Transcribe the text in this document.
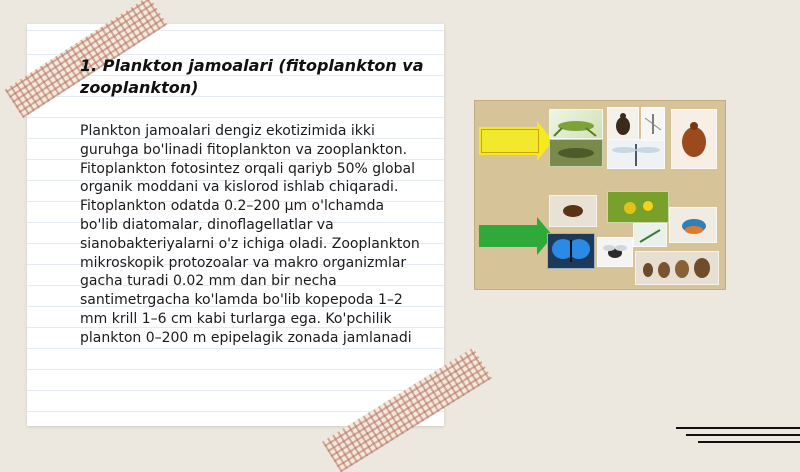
1. Plankton jamoalari (fitoplankton va zooplankton)

Plankton jamoalari dengiz ekotizimida ikki guruhga bo'linadi fitoplankton va zooplankton. Fitoplankton fotosintez orqali qariyb 50% global organik moddani va kislorod ishlab chiqaradi. Fitoplankton odatda 0.2–200 µm o'lchamda bo'lib diatomalar, dinoflagellatlar va sianobakteriyalarni o'z ichiga oladi. Zooplankton mikroskopik protozoalar va makro organizmlar gacha turadi 0.02 mm dan bir necha santimetrgacha ko'lamda bo'lib kopepoda 1–2 mm krill 1–6 cm kabi turlarga ega. Ko'pchilik plankton 0–200 m epipelagik zonada jamlanadi
